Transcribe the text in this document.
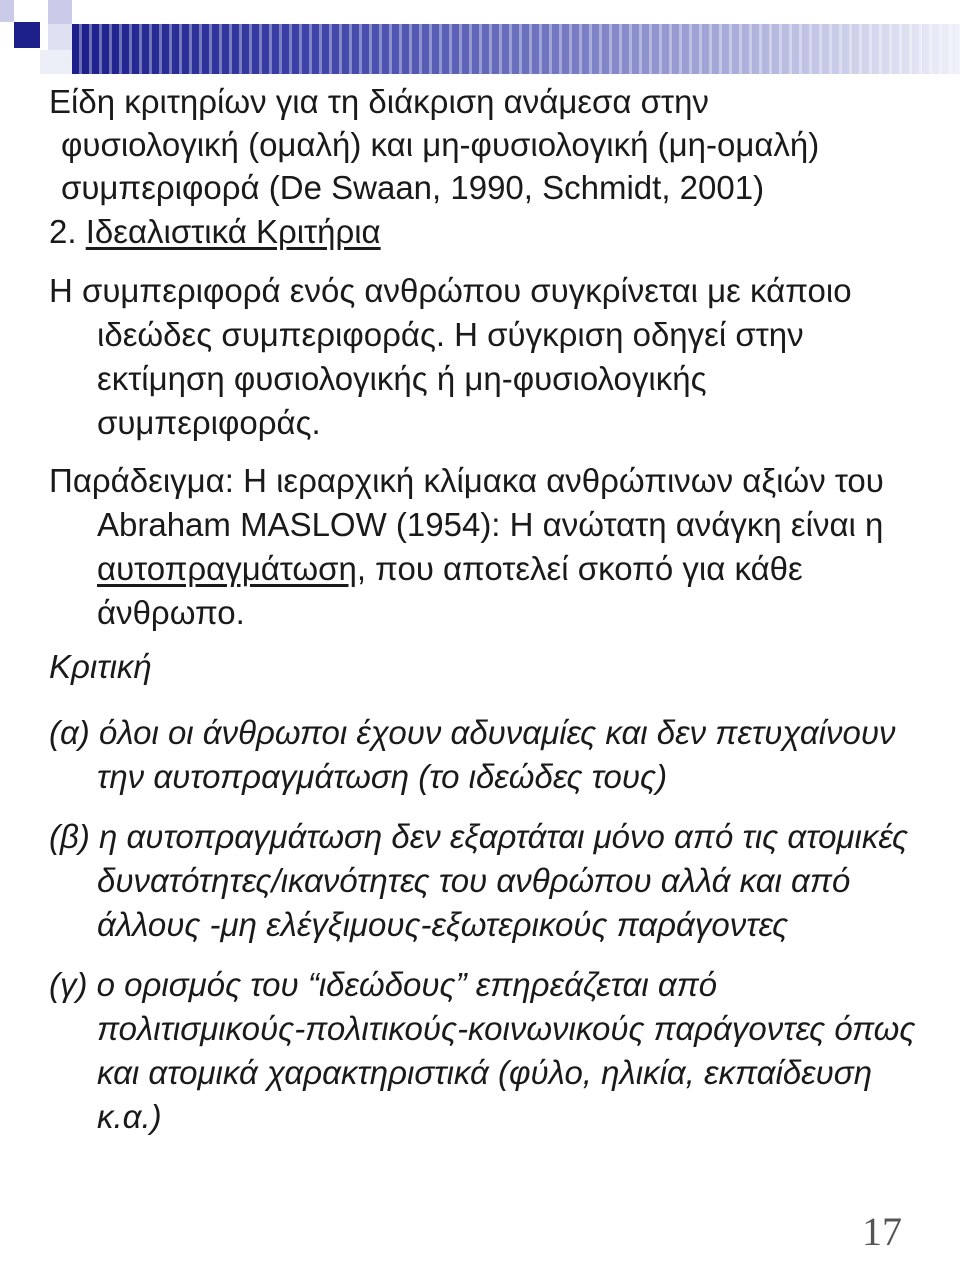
Είδη κριτηρίων για τη διάκριση ανάμεσα στην
φυσιολογική (ομαλή) και μη-φυσιολογική (μη-ομαλή) συμπεριφορά (De Swaan, 1990, Schmidt, 2001)
2. Ιδεαλιστικά Κριτήρια

Η συμπεριφορά ενός ανθρώπου συγκρίνεται με κάποιο ιδεώδες συμπεριφοράς. Η σύγκριση οδηγεί στην εκτίμηση φυσιολογικής ή μη-φυσιολογικής συμπεριφοράς.

Παράδειγμα: Η ιεραρχική κλίμακα ανθρώπινων αξιών του Abraham MASLOW (1954): Η ανώτατη ανάγκη είναι η αυτοπραγμάτωση, που αποτελεί σκοπό για κάθε άνθρωπο.

Κριτική

(α) όλοι οι άνθρωποι έχουν αδυναμίες και δεν πετυχαίνουν την αυτοπραγμάτωση (το ιδεώδες τους)

(β) η αυτοπραγμάτωση δεν εξαρτάται μόνο από τις ατομικές δυνατότητες/ικανότητες του ανθρώπου αλλά και από άλλους -μη ελέγξιμους-εξωτερικούς παράγοντες

(γ) ο ορισμός του “ιδεώδους” επηρεάζεται από πολιτισμικούς-πολιτικούς-κοινωνικούς παράγοντες όπως και ατομικά χαρακτηριστικά (φύλο, ηλικία, εκπαίδευση κ.α.)

17
